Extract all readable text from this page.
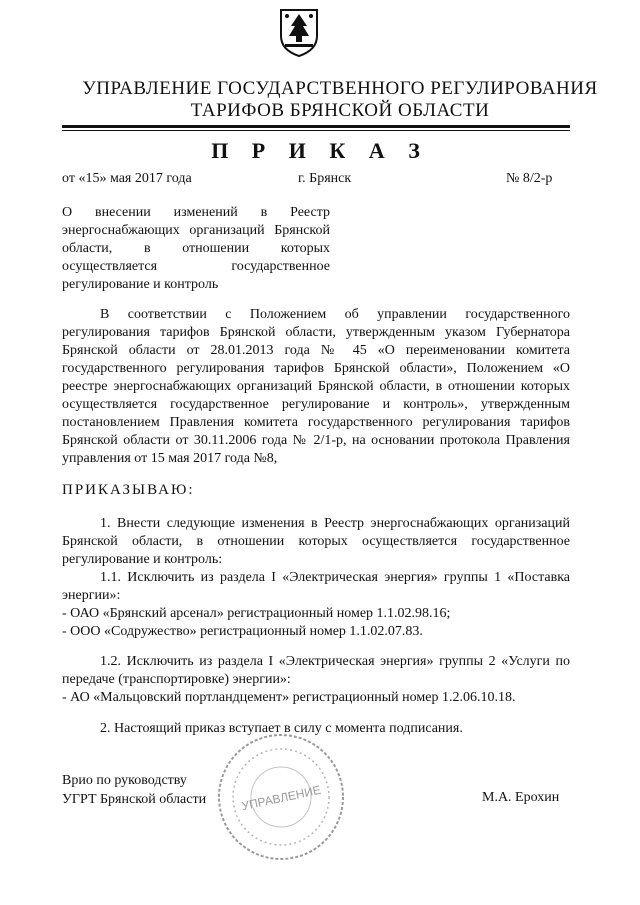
УПРАВЛЕНИЕ ГОСУДАРСТВЕННОГО РЕГУЛИРОВАНИЯ
ТАРИФОВ БРЯНСКОЙ ОБЛАСТИ
П Р И К А З
от «15» мая 2017 года	г. Брянск	№ 8/2-р
О внесении изменений в Реестр энергоснабжающих организаций Брянской области, в отношении которых осуществляется государственное регулирование и контроль
В соответствии с Положением об управлении государственного регулирования тарифов Брянской области, утвержденным указом Губернатора Брянской области от 28.01.2013 года № 45 «О переименовании комитета государственного регулирования тарифов Брянской области», Положением «О реестре энергоснабжающих организаций Брянской области, в отношении которых осуществляется государственное регулирование и контроль», утвержденным постановлением Правления комитета государственного регулирования тарифов Брянской области от 30.11.2006 года № 2/1-р, на основании протокола Правления управления от 15 мая 2017 года №8,
ПРИКАЗЫВАЮ:
1. Внести следующие изменения в Реестр энергоснабжающих организаций Брянской области, в отношении которых осуществляется государственное регулирование и контроль:
1.1. Исключить из раздела I «Электрическая энергия» группы 1 «Поставка энергии»:
- ОАО «Брянский арсенал» регистрационный номер 1.1.02.98.16;
- ООО «Содружество» регистрационный номер 1.1.02.07.83.
1.2. Исключить из раздела I «Электрическая энергия» группы 2 «Услуги по передаче (транспортировке) энергии»:
- АО «Мальцовский портландцемент» регистрационный номер 1.2.06.10.18.
2. Настоящий приказ вступает в силу с момента подписания.
УПРАВЛЕНИЕ
Врио по руководству
УГРТ Брянской области	М.А. Ерохин
